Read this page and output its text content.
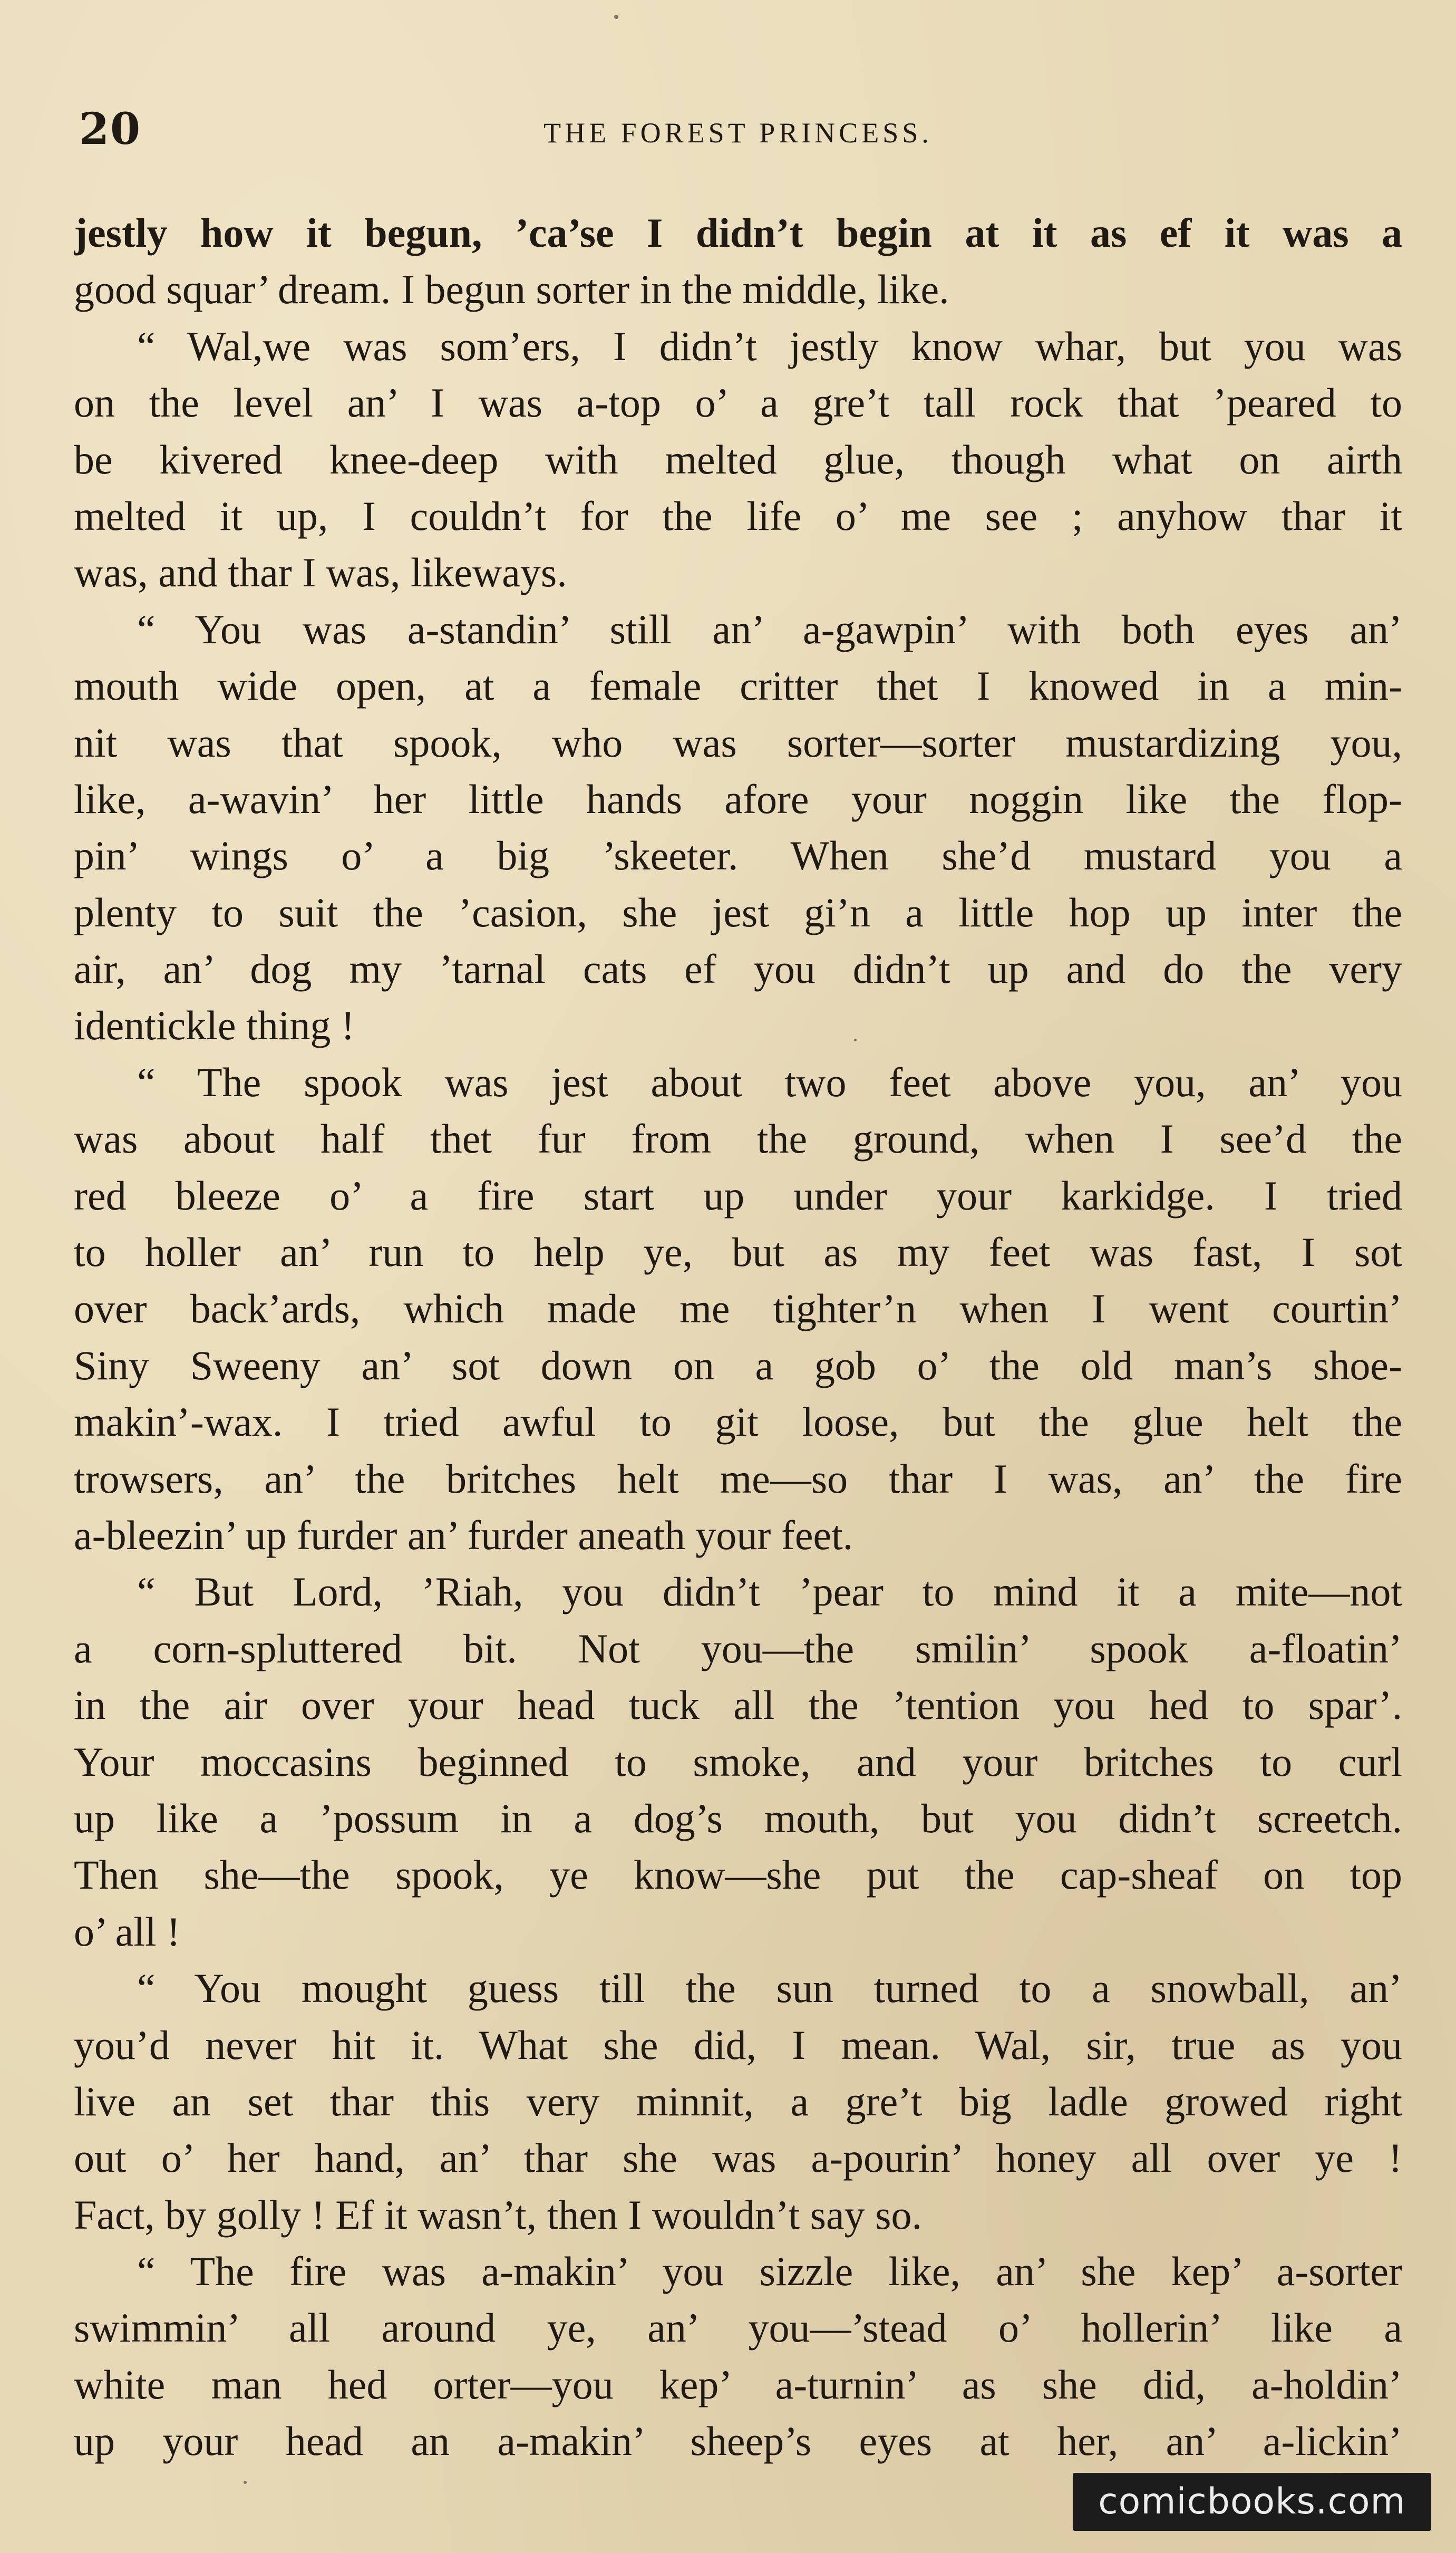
20	THE FOREST PRINCESS.
jestly how it begun, ’ca’se I didn’t begin at it as ef it was a
good squar’ dream. I begun sorter in the middle, like.
“ Wal,we was som’ers, I didn’t jestly know whar, but you was
on the level an’ I was a-top o’ a gre’t tall rock that ’peared to
be kivered knee-deep with melted glue, though what on airth
melted it up, I couldn’t for the life o’ me see ; anyhow thar it
was, and thar I was, likeways.
“ You was a-standin’ still an’ a-gawpin’ with both eyes an’
mouth wide open, at a female critter thet I knowed in a min-
nit was that spook, who was sorter—sorter mustardizing you,
like, a-wavin’ her little hands afore your noggin like the flop-
pin’ wings o’ a big ’skeeter. When she’d mustard you a
plenty to suit the ’casion, she jest gi’n a little hop up inter the
air, an’ dog my ’tarnal cats ef you didn’t up and do the very
identickle thing !
“ The spook was jest about two feet above you, an’ you
was about half thet fur from the ground, when I see’d the
red bleeze o’ a fire start up under your karkidge. I tried
to holler an’ run to help ye, but as my feet was fast, I sot
over back’ards, which made me tighter’n when I went courtin’
Siny Sweeny an’ sot down on a gob o’ the old man’s shoe-
makin’-wax. I tried awful to git loose, but the glue helt the
trowsers, an’ the britches helt me—so thar I was, an’ the fire
a-bleezin’ up furder an’ furder aneath your feet.
“ But Lord, ’Riah, you didn’t ’pear to mind it a mite—not
a corn-spluttered bit. Not you—the smilin’ spook a-floatin’
in the air over your head tuck all the ’tention you hed to spar’.
Your moccasins beginned to smoke, and your britches to curl
up like a ’possum in a dog’s mouth, but you didn’t screetch.
Then she—the spook, ye know—she put the cap-sheaf on top
o’ all !
“ You mought guess till the sun turned to a snowball, an’
you’d never hit it. What she did, I mean. Wal, sir, true as you
live an set thar this very minnit, a gre’t big ladle growed right
out o’ her hand, an’ thar she was a-pourin’ honey all over ye !
Fact, by golly ! Ef it wasn’t, then I wouldn’t say so.
“ The fire was a-makin’ you sizzle like, an’ she kep’ a-sorter
swimmin’ all around ye, an’ you—’stead o’ hollerin’ like a
white man hed orter—you kep’ a-turnin’ as she did, a-holdin’
up your head an a-makin’ sheep’s eyes at her, an’ a-lickin’
comicbooks.com
